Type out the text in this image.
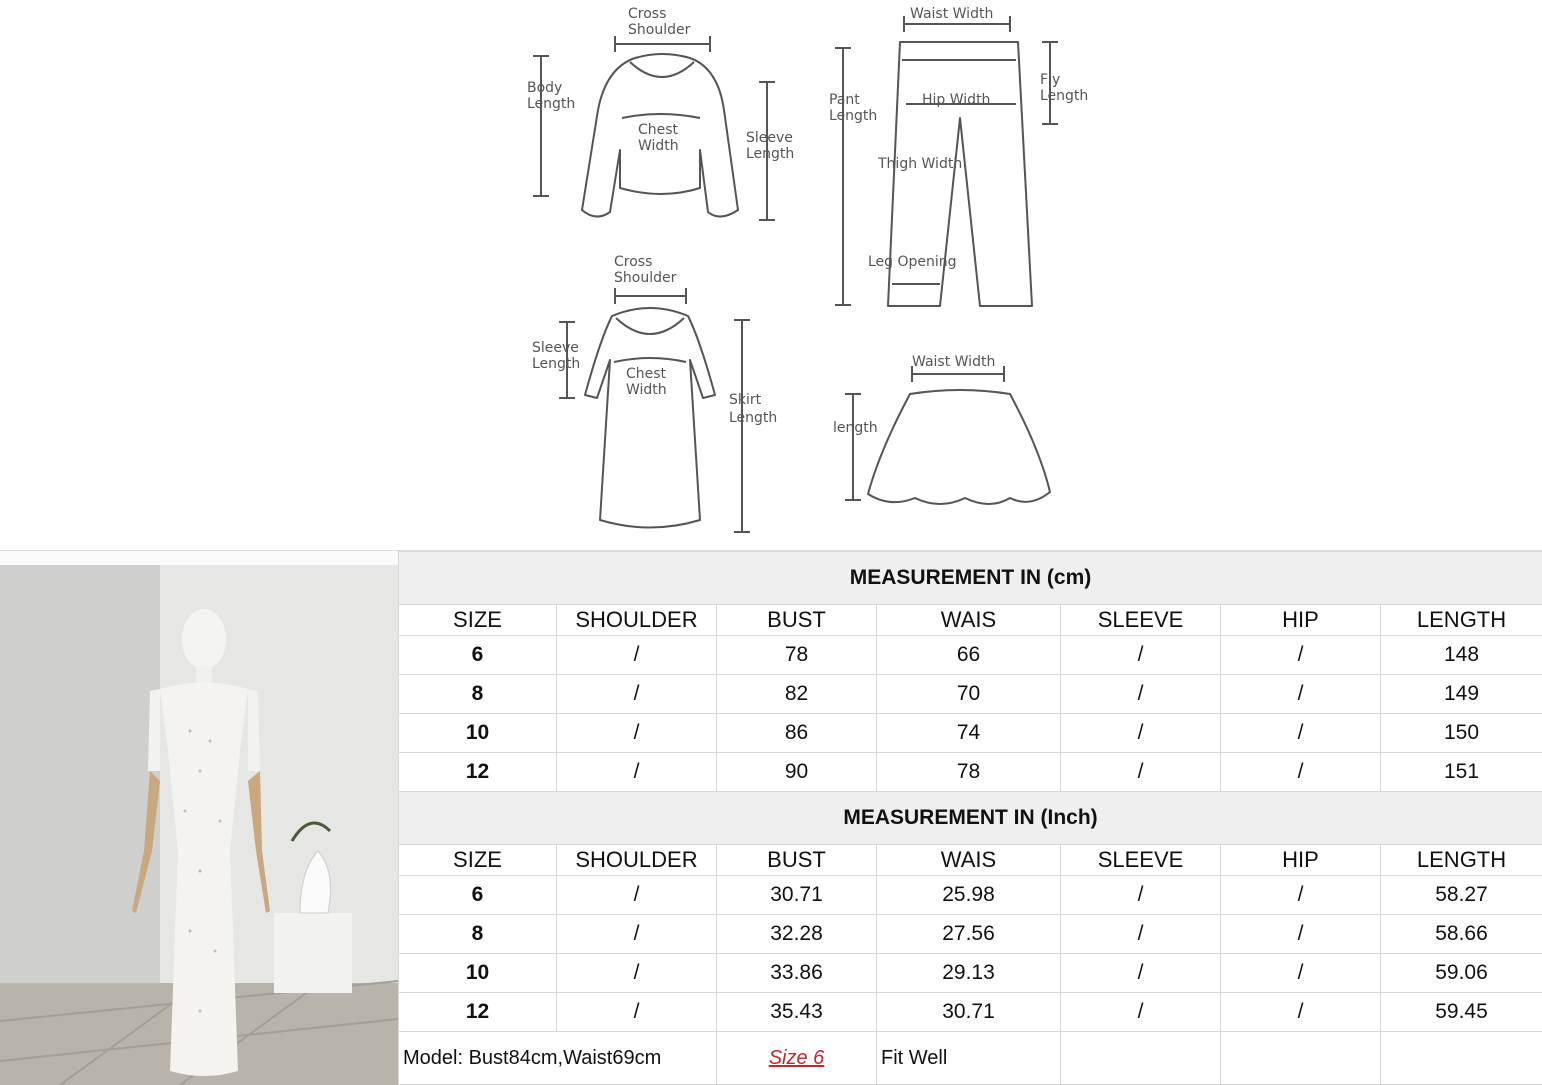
Cross
Shoulder
Body
Length
Chest
Width	Sleeve
Length
Waist Width
Pant
Length
Hip Width
Fly
Length
Thigh Width
Leg Opening
Cross
Shoulder
Sleeve
Length
Chest
Width
Skirt
Length
Waist Width
length
MEASUREMENT IN (cm)						
SIZE	SHOULDER	BUST	WAIS	SLEEVE	HIP	LENGTH
6	/	78	66	/	/	148
8	/	82	70	/	/	149
10	/	86	74	/	/	150
12	/	90	78	/	/	151
MEASUREMENT IN (Inch)						
SIZE	SHOULDER	BUST	WAIS	SLEEVE	HIP	LENGTH
6	/	30.71	25.98	/	/	58.27
8	/	32.28	27.56	/	/	58.66
10	/	33.86	29.13	/	/	59.06
12	/	35.43	30.71	/	/	59.45
Model: Bust84cm,Waist69cm		Size 6	Fit Well			
